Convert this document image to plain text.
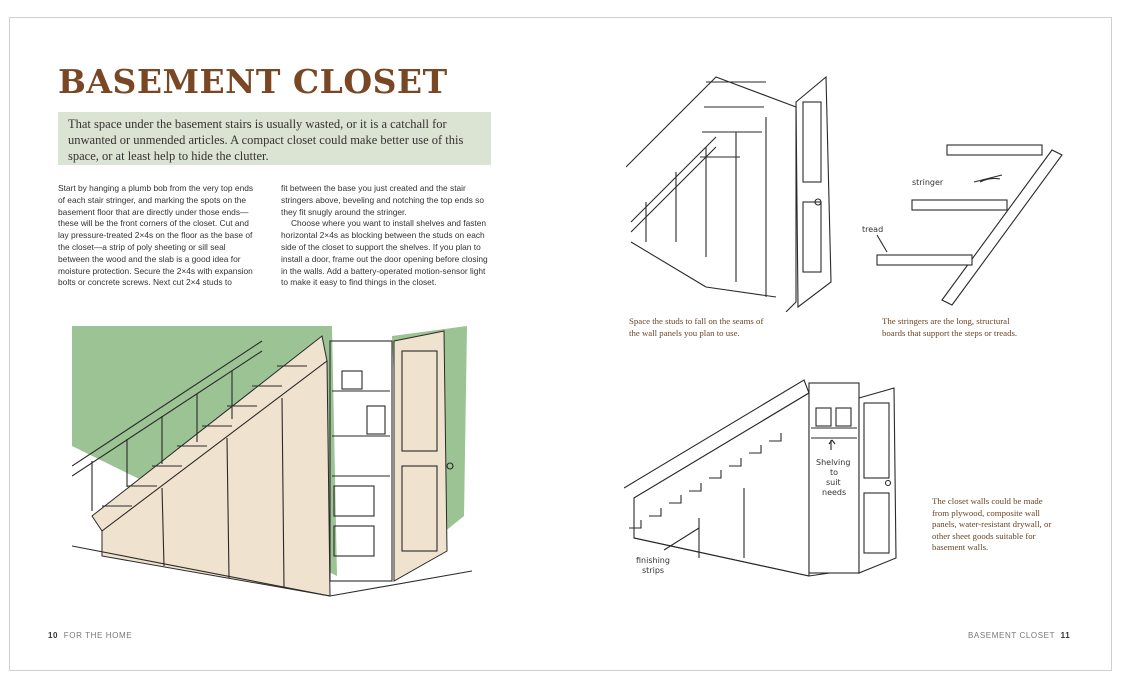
BASEMENT CLOSET
That space under the basement stairs is usually wasted, or it is a catchall for unwanted or unmended articles. A compact closet could make better use of this space, or at least help to hide the clutter.

Start by hanging a plumb bob from the very top ends of each stair stringer, and marking the spots on the basement floor that are directly under those ends—these will be the front corners of the closet. Cut and lay pressure-treated 2×4s on the floor as the base of the closet—a strip of poly sheeting or sill seal between the wood and the slab is a good idea for moisture protection. Secure the 2×4s with expansion bolts or concrete screws. Next cut 2×4 studs to

fit between the base you just created and the stair stringers above, beveling and notching the top ends so they fit snugly around the stringer.

Choose where you want to install shelves and fasten horizontal 2×4s as blocking between the studs on each side of the closet to support the shelves. If you plan to install a door, frame out the door opening before closing in the walls. Add a battery-operated motion-sensor light to make it easy to find things in the closet.

Space the studs to fall on the seams of the wall panels you plan to use.
stringer
tread
The stringers are the long, structural boards that support the steps or treads.
Shelving
to
suit
needs
finishing
strips
The closet walls could be made from plywood, composite wall panels, water-resistant drywall, or other sheet goods suitable for basement walls.
10 FOR THE HOME	BASEMENT CLOSET 11
